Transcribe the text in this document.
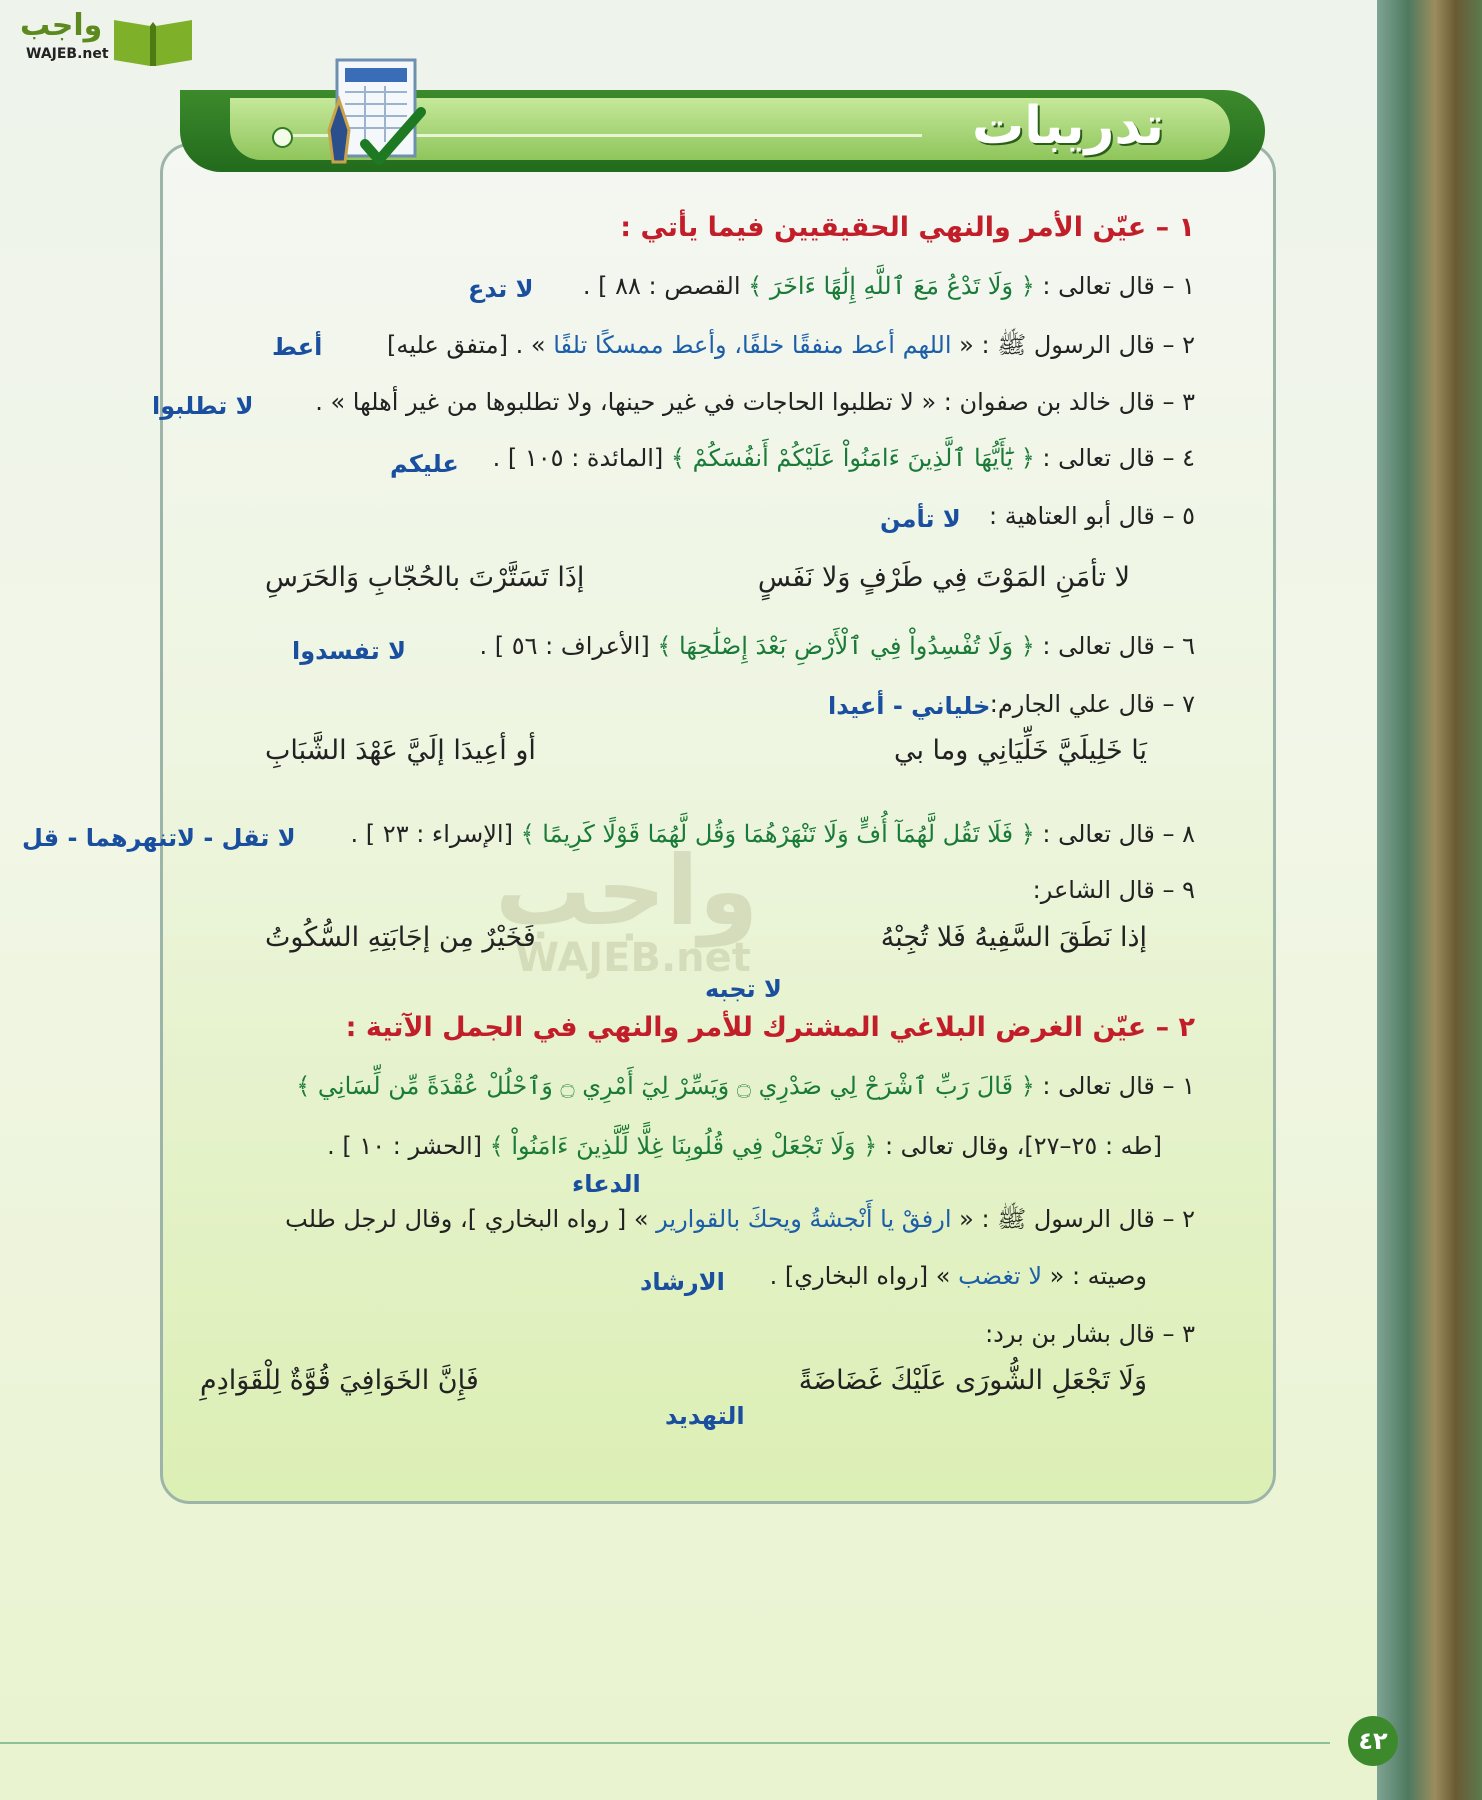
واجب
WAJEB.net
تدريبات
واجب
WAJEB.net
١ – عيّن الأمر والنهي الحقيقيين فيما يأتي :
١ – قال تعالى : ﴿ وَلَا تَدْعُ مَعَ ٱللَّهِ إِلَٰهًا ءَاخَرَ ﴾ القصص : ٨٨ ] .
لا تدع
٢ – قال الرسول ﷺ : « اللهم أعط منفقًا خلفًا، وأعط ممسكًا تلفًا » . [متفق عليه]
أعط
٣ – قال خالد بن صفوان : « لا تطلبوا الحاجات في غير حينها، ولا تطلبوها من غير أهلها » .
لا تطلبوا
٤ – قال تعالى : ﴿ يَٰٓأَيُّهَا ٱلَّذِينَ ءَامَنُواْ عَلَيْكُمْ أَنفُسَكُمْ ﴾ [المائدة : ١٠٥ ] .
عليكم
٥ – قال أبو العتاهية :
لا تأمن
لا تأمَنِ المَوْتَ فِي طَرْفٍ وَلا نَفَسٍ
إذَا تَسَتَّرْتَ بالحُجّابِ وَالحَرَسِ
٦ – قال تعالى : ﴿ وَلَا تُفْسِدُواْ فِي ٱلْأَرْضِ بَعْدَ إِصْلَٰحِهَا ﴾ [الأعراف : ٥٦ ] .
لا تفسدوا
٧ – قال علي الجارم:
خلياني - أعيدا
يَا خَلِيلَيَّ خَلِّيَانِي وما بي
أو أعِيدَا إلَيَّ عَهْدَ الشَّبَابِ
٨ – قال تعالى : ﴿ فَلَا تَقُل لَّهُمَآ أُفٍّ وَلَا تَنْهَرْهُمَا وَقُل لَّهُمَا قَوْلًا كَرِيمًا ﴾ [الإسراء : ٢٣ ] .
لا تقل - لاتنهرهما - قل
٩ – قال الشاعر:
إذا نَطَقَ السَّفِيهُ فَلا تُجِبْهُ
فَخَيْرٌ مِن إجَابَتِهِ السُّكُوتُ
لا تجبه
٢ – عيّن الغرض البلاغي المشترك للأمر والنهي في الجمل الآتية :
١ – قال تعالى : ﴿ قَالَ رَبِّ ٱشْرَحْ لِي صَدْرِي ۝ وَيَسِّرْ لِيٓ أَمْرِي ۝ وَٱحْلُلْ عُقْدَةً مِّن لِّسَانِي ﴾
[طه : ٢٥–٢٧]، وقال تعالى : ﴿ وَلَا تَجْعَلْ فِي قُلُوبِنَا غِلًّا لِّلَّذِينَ ءَامَنُواْ ﴾ [الحشر : ١٠ ] .
الدعاء
٢ – قال الرسول ﷺ : « ارفقْ يا أَنْجشةُ ويحكَ بالقوارير » [ رواه البخاري ]، وقال لرجل طلب
وصيته : « لا تغضب » [رواه البخاري] .
الارشاد
٣ – قال بشار بن برد:
وَلَا تَجْعَلِ الشُّورَى عَلَيْكَ غَضَاضَةً
فَإِنَّ الخَوَافِيَ قُوَّةٌ لِلْقَوَادِمِ
التهديد
٤٢
